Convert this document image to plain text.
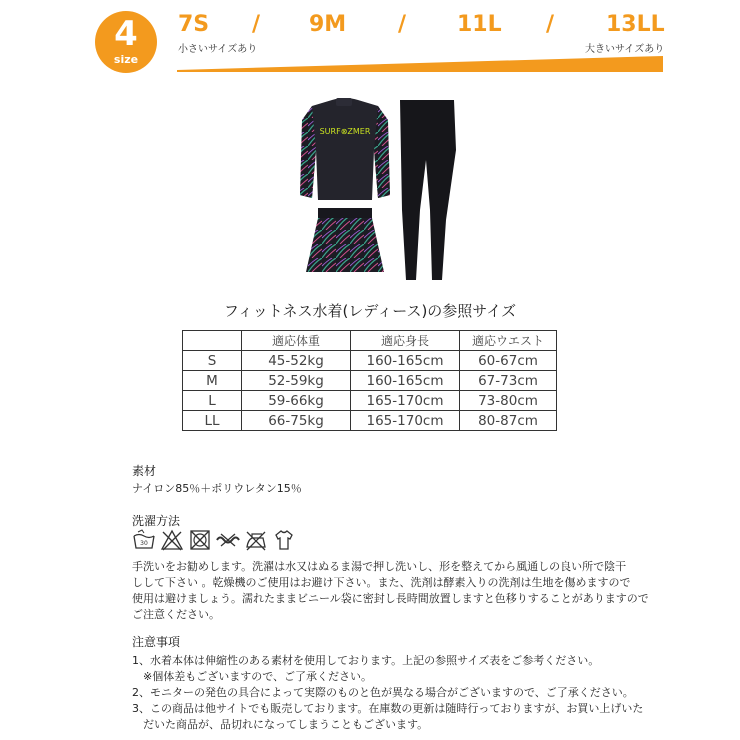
4
size
7S / 9M / 11L / 13LL
小さいサイズあり	大きいサイズあり
SURF⊗ZMER
フィットネス水着(レディース)の参照サイズ
	適応体重	適応身長	適応ウエスト
S	45-52kg	160-165cm	60-67cm
M	52-59kg	160-165cm	67-73cm
L	59-66kg	165-170cm	73-80cm
LL	66-75kg	165-170cm	80-87cm
素材
ナイロン85％＋ポリウレタン15％
洗濯方法
30
手洗いをお勧めします。洗濯は水又はぬるま湯で押し洗いし、形を整えてから風通しの良い所で陰干
しして下さい 。乾燥機のご使用はお避け下さい。また、洗剤は酵素入りの洗剤は生地を傷めますので
使用は避けましょう。濡れたままビニール袋に密封し長時間放置しますと色移りすることがありますので
ご注意ください。
注意事項
1、水着本体は伸縮性のある素材を使用しております。上記の参照サイズ表をご参考ください。
　※個体差もございますので、ご了承ください。
2、モニターの発色の具合によって実際のものと色が異なる場合がございますので、ご了承ください。
3、この商品は他サイトでも販売しております。在庫数の更新は随時行っておりますが、お買い上げいた
　だいた商品が、品切れになってしまうこともございます。
